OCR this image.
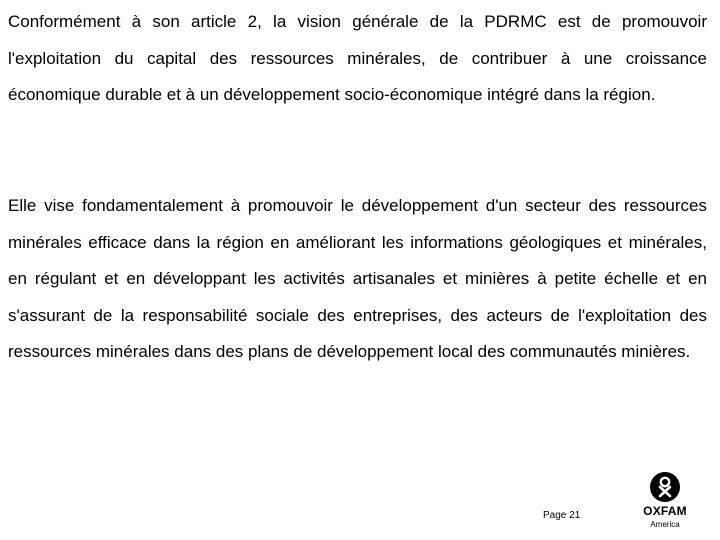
Conformément à son article 2, la vision générale de la PDRMC est de promouvoir l'exploitation du capital des ressources minérales, de contribuer à une croissance économique durable et à un développement socio-économique intégré dans la région.

Elle vise fondamentalement à promouvoir le développement d'un secteur des ressources minérales efficace dans la région en améliorant les informations géologiques et minérales, en régulant et en développant les activités artisanales et minières à petite échelle et en s'assurant de la responsabilité sociale des entreprises, des acteurs de l'exploitation des ressources minérales dans des plans de développement local des communautés minières.

Page 21	OXFAM
America
